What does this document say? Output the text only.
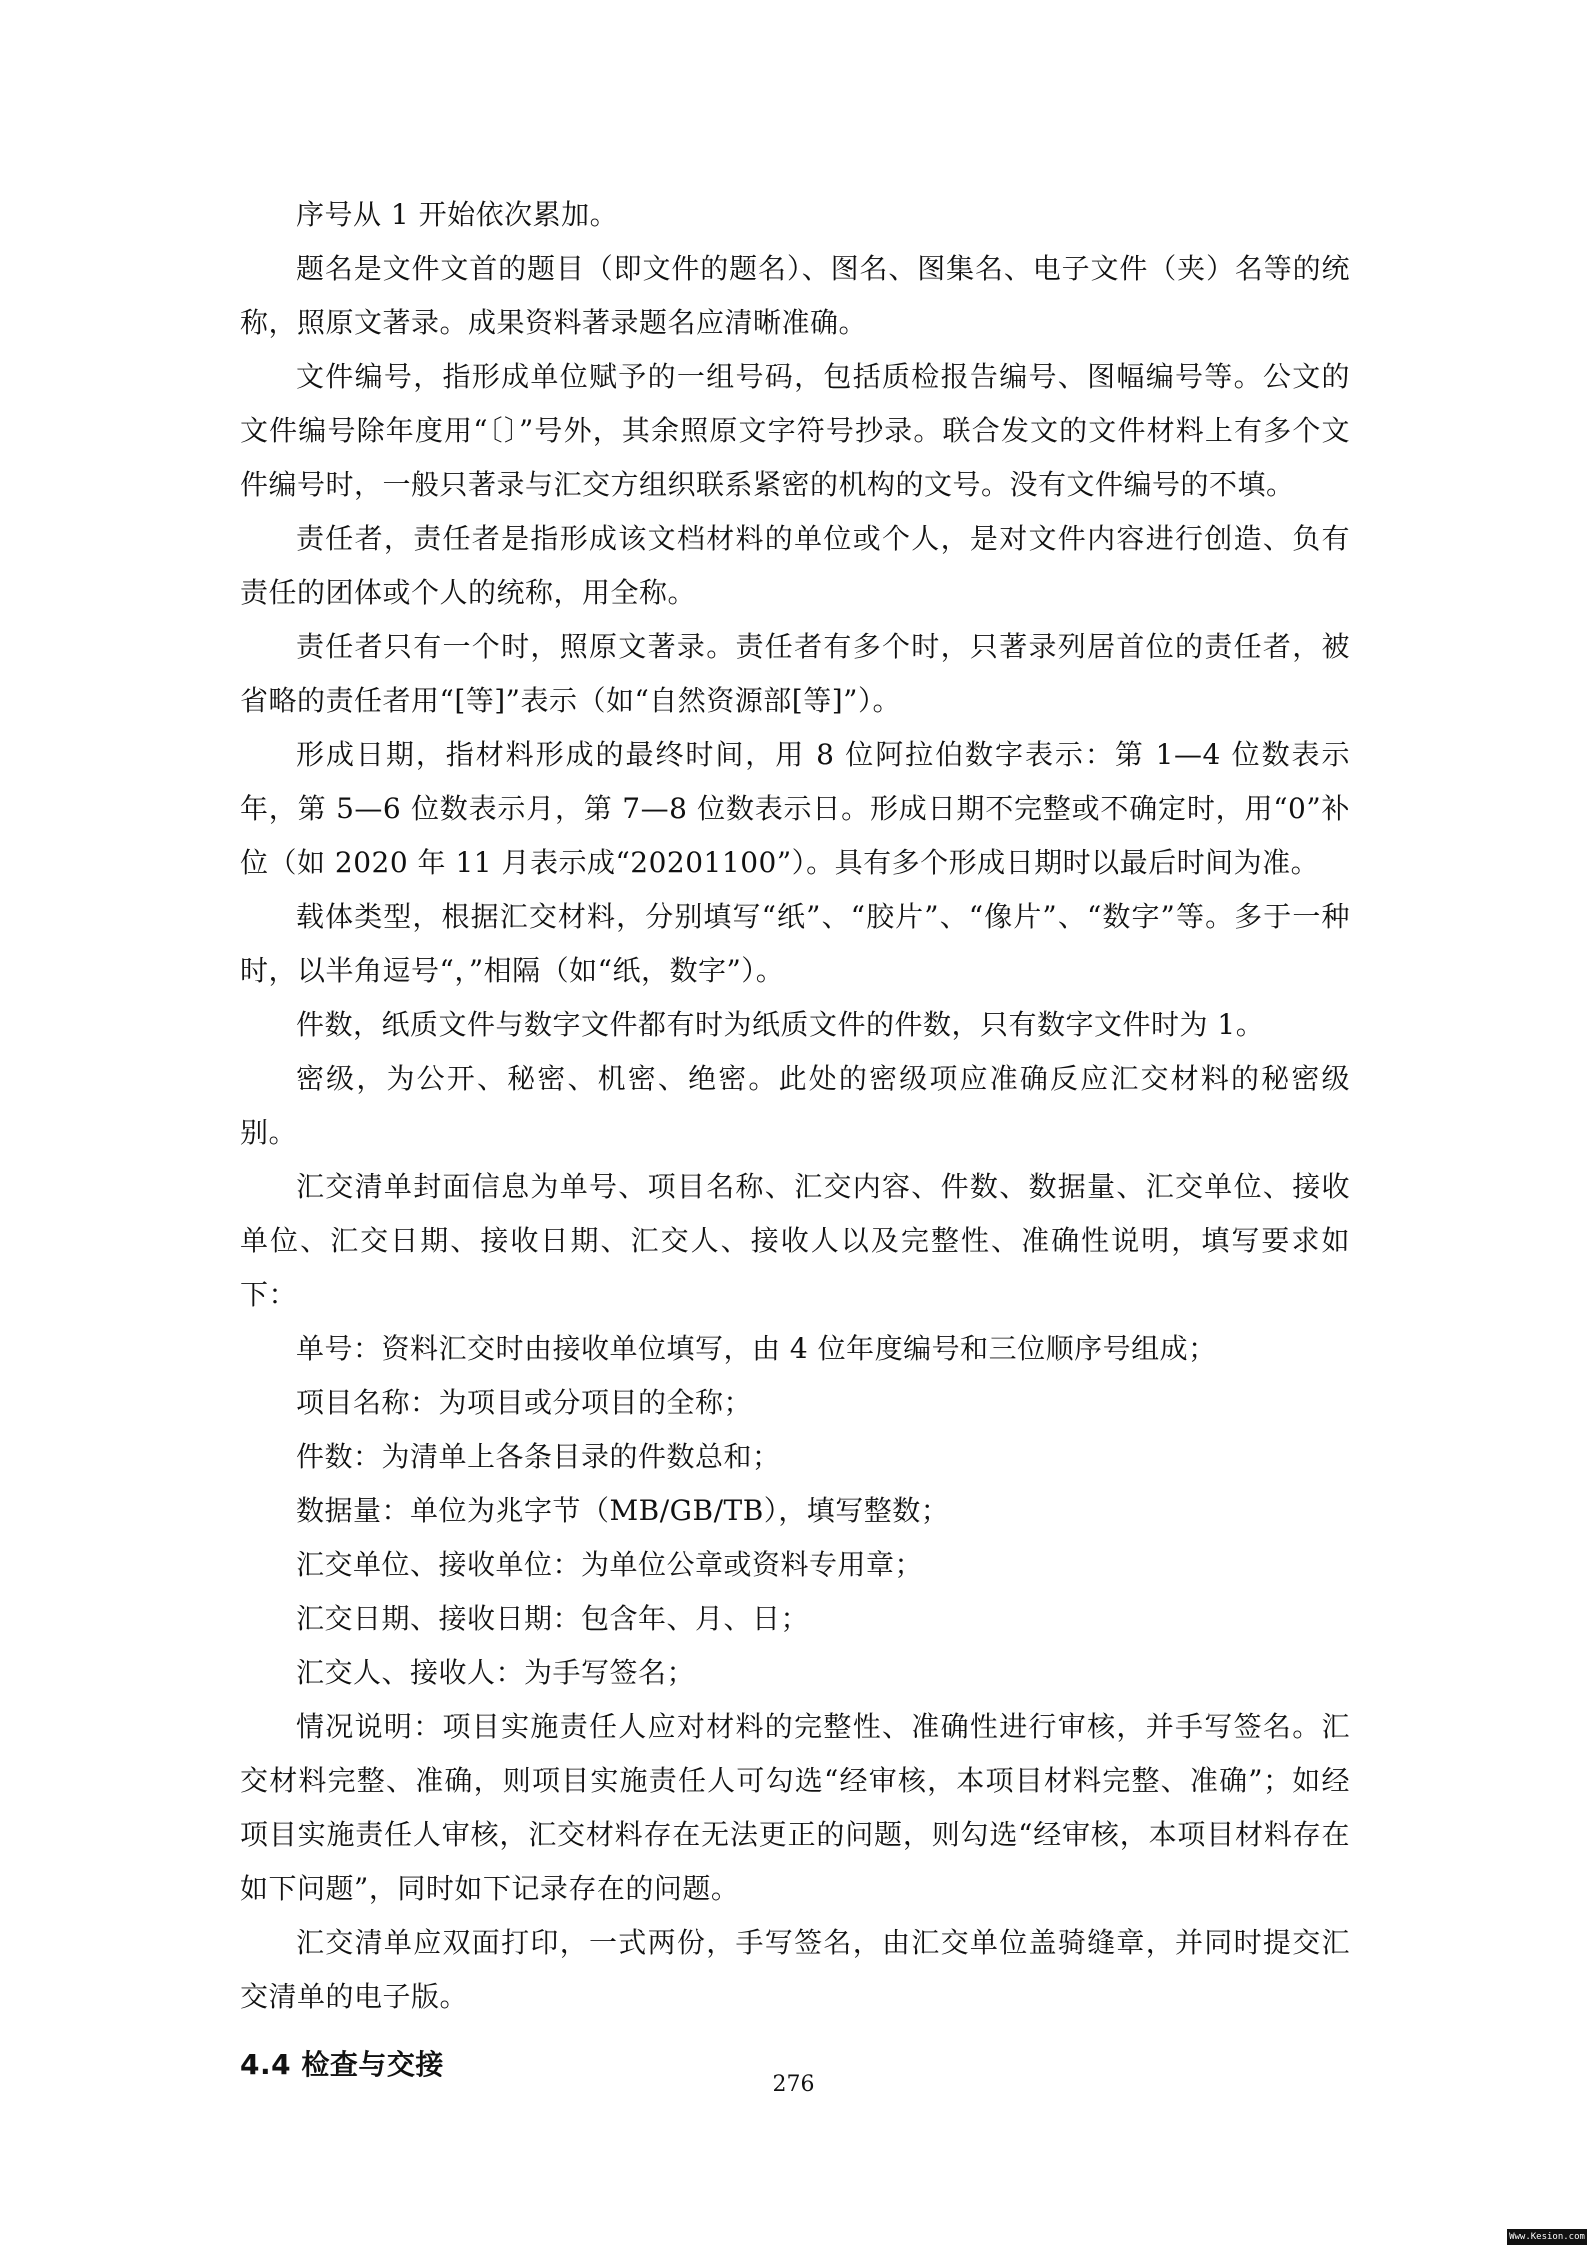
序号从 1 开始依次累加。

题名是文件文首的题目（即文件的题名）、图名、图集名、电子文件（夹）名等的统称，照原文著录。成果资料著录题名应清晰准确。

文件编号，指形成单位赋予的一组号码，包括质检报告编号、图幅编号等。公文的文件编号除年度用“〔〕”号外，其余照原文字符号抄录。联合发文的文件材料上有多个文件编号时，一般只著录与汇交方组织联系紧密的机构的文号。没有文件编号的不填。

责任者，责任者是指形成该文档材料的单位或个人，是对文件内容进行创造、负有责任的团体或个人的统称，用全称。

责任者只有一个时，照原文著录。责任者有多个时，只著录列居首位的责任者，被省略的责任者用“[等]”表示（如“自然资源部[等]”）。

形成日期，指材料形成的最终时间，用 8 位阿拉伯数字表示：第 1—4 位数表示年，第 5—6 位数表示月，第 7—8 位数表示日。形成日期不完整或不确定时，用“0”补位（如 2020 年 11 月表示成“20201100”）。具有多个形成日期时以最后时间为准。

载体类型，根据汇交材料，分别填写“纸”、“胶片”、“像片”、“数字”等。多于一种时，以半角逗号“，”相隔（如“纸，数字”）。

件数，纸质文件与数字文件都有时为纸质文件的件数，只有数字文件时为 1。

密级，为公开、秘密、机密、绝密。此处的密级项应准确反应汇交材料的秘密级别。

汇交清单封面信息为单号、项目名称、汇交内容、件数、数据量、汇交单位、接收单位、汇交日期、接收日期、汇交人、接收人以及完整性、准确性说明，填写要求如下：

单号：资料汇交时由接收单位填写，由 4 位年度编号和三位顺序号组成；

项目名称：为项目或分项目的全称；

件数：为清单上各条目录的件数总和；

数据量：单位为兆字节（MB/GB/TB），填写整数；

汇交单位、接收单位：为单位公章或资料专用章；

汇交日期、接收日期：包含年、月、日；

汇交人、接收人：为手写签名；

情况说明：项目实施责任人应对材料的完整性、准确性进行审核，并手写签名。汇交材料完整、准确，则项目实施责任人可勾选“经审核，本项目材料完整、准确”；如经项目实施责任人审核，汇交材料存在无法更正的问题，则勾选“经审核，本项目材料存在如下问题”，同时如下记录存在的问题。

汇交清单应双面打印，一式两份，手写签名，由汇交单位盖骑缝章，并同时提交汇交清单的电子版。

4.4 检查与交接
276
Www.Kesion.com
